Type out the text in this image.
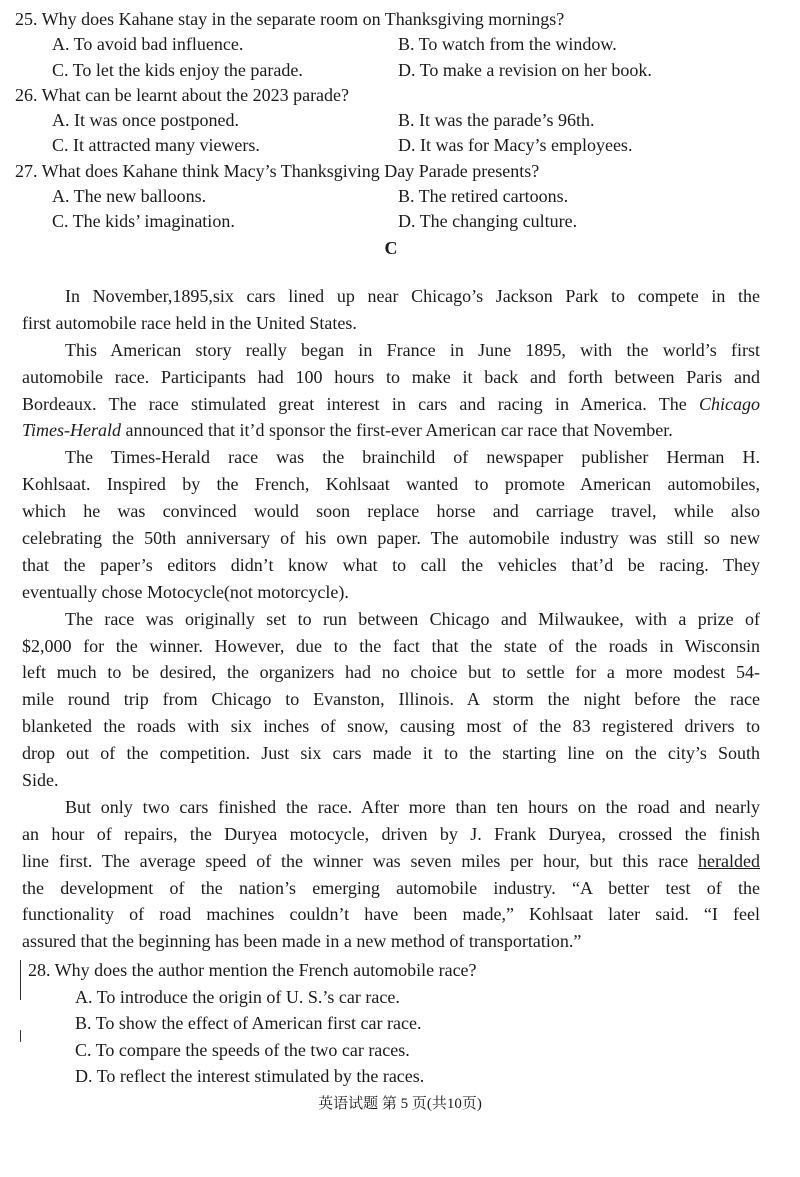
25. Why does Kahane stay in the separate room on Thanksgiving mornings?
A. To avoid bad influence.	B. To watch from the window.
C. To let the kids enjoy the parade.	D. To make a revision on her book.
26. What can be learnt about the 2023 parade?
A. It was once postponed.	B. It was the parade’s 96th.
C. It attracted many viewers.	D. It was for Macy’s employees.
27. What does Kahane think Macy’s Thanksgiving Day Parade presents?
A. The new balloons.	B. The retired cartoons.
C. The kids’ imagination.	D. The changing culture.
C
In November,1895,six cars lined up near Chicago’s Jackson Park to compete in the
first automobile race held in the United States.
This American story really began in France in June 1895, with the world’s first
automobile race. Participants had 100 hours to make it back and forth between Paris and
Bordeaux. The race stimulated great interest in cars and racing in America. The Chicago
Times-Herald announced that it’d sponsor the first-ever American car race that November.
The Times-Herald race was the brainchild of newspaper publisher Herman H.
Kohlsaat. Inspired by the French, Kohlsaat wanted to promote American automobiles,
which he was convinced would soon replace horse and carriage travel, while also
celebrating the 50th anniversary of his own paper. The automobile industry was still so new
that the paper’s editors didn’t know what to call the vehicles that’d be racing. They
eventually chose Motocycle(not motorcycle).
The race was originally set to run between Chicago and Milwaukee, with a prize of
$2,000 for the winner. However, due to the fact that the state of the roads in Wisconsin
left much to be desired, the organizers had no choice but to settle for a more modest 54-
mile round trip from Chicago to Evanston, Illinois. A storm the night before the race
blanketed the roads with six inches of snow, causing most of the 83 registered drivers to
drop out of the competition. Just six cars made it to the starting line on the city’s South
Side.
But only two cars finished the race. After more than ten hours on the road and nearly
an hour of repairs, the Duryea motocycle, driven by J. Frank Duryea, crossed the finish
line first. The average speed of the winner was seven miles per hour, but this race heralded
the development of the nation’s emerging automobile industry. “A better test of the
functionality of road machines couldn’t have been made,” Kohlsaat later said. “I feel
assured that the beginning has been made in a new method of transportation.”
28. Why does the author mention the French automobile race?
A. To introduce the origin of U. S.’s car race.
B. To show the effect of American first car race.
C. To compare the speeds of the two car races.
D. To reflect the interest stimulated by the races.
英语试题 第 5 页(共10页)
